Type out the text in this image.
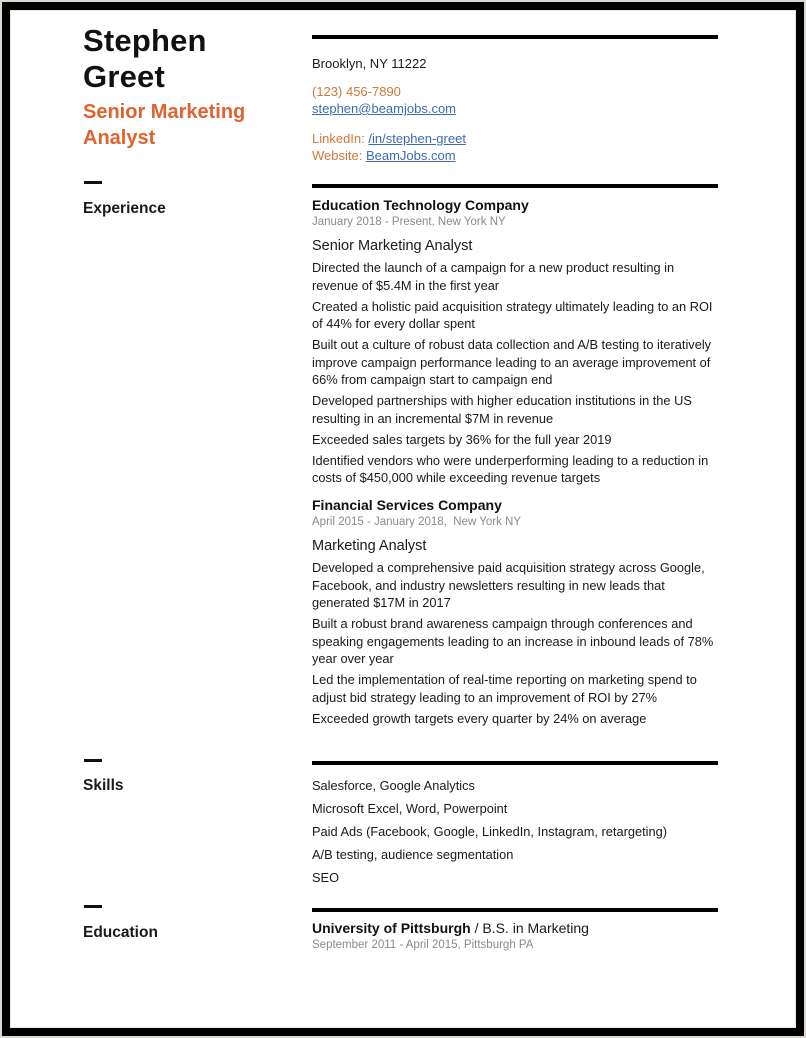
Stephen
Greet
Senior Marketing
Analyst
Experience
Skills
Education

Brooklyn, NY 11222

(123) 456-7890

stephen@beamjobs.com

LinkedIn: /in/stephen-greet

Website: BeamJobs.com

Education Technology Company

January 2018 - Present, New York NY

Senior Marketing Analyst

Directed the launch of a campaign for a new product resulting in revenue of $5.4M in the first year
Created a holistic paid acquisition strategy ultimately leading to an ROI of 44% for every dollar spent
Built out a culture of robust data collection and A/B testing to iteratively improve campaign performance leading to an average improvement of 66% from campaign start to campaign end
Developed partnerships with higher education institutions in the US resulting in an incremental $7M in revenue
Exceeded sales targets by 36% for the full year 2019
Identified vendors who were underperforming leading to a reduction in costs of $450,000 while exceeding revenue targets

Financial Services Company

April 2015 - January 2018,  New York NY

Marketing Analyst

Developed a comprehensive paid acquisition strategy across Google, Facebook, and industry newsletters resulting in new leads that generated $17M in 2017
Built a robust brand awareness campaign through conferences and speaking engagements leading to an increase in inbound leads of 78% year over year
Led the implementation of real-time reporting on marketing spend to adjust bid strategy leading to an improvement of ROI by 27%
Exceeded growth targets every quarter by 24% on average
Salesforce, Google Analytics
Microsoft Excel, Word, Powerpoint
Paid Ads (Facebook, Google, LinkedIn, Instagram, retargeting)
A/B testing, audience segmentation
SEO

University of Pittsburgh / B.S. in Marketing

September 2011 - April 2015, Pittsburgh PA
